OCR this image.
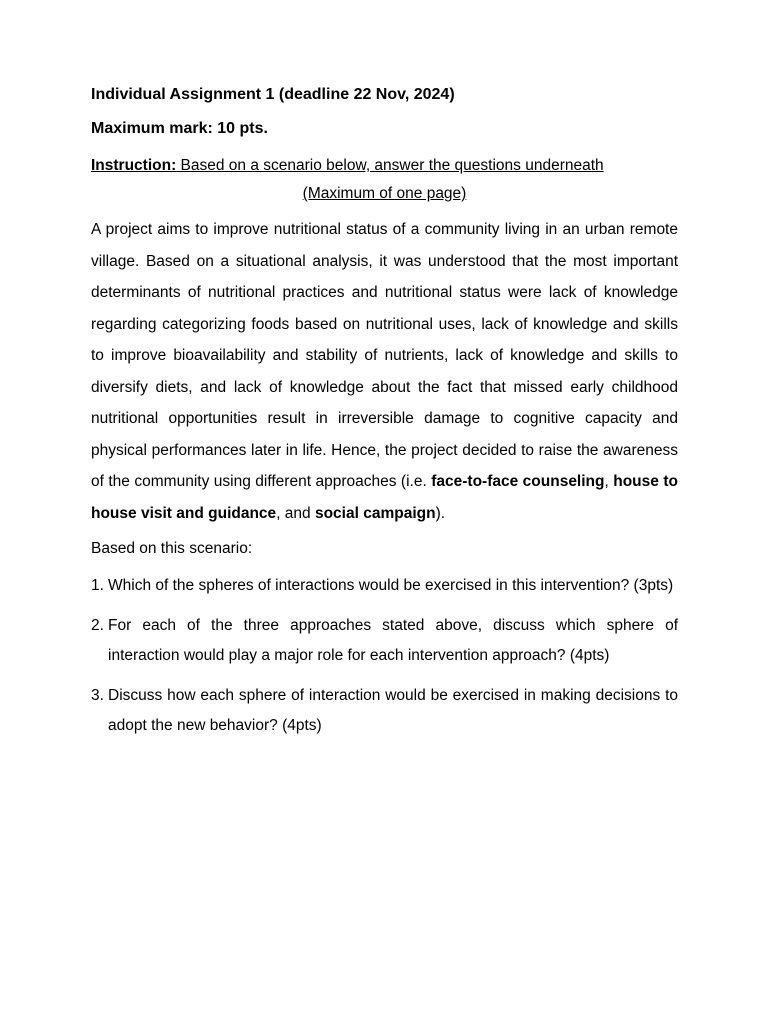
Individual Assignment 1 (deadline 22 Nov, 2024)

Maximum mark: 10 pts.

Instruction: Based on a scenario below, answer the questions underneath
(Maximum of one page)

A project aims to improve nutritional status of a community living in an urban remote village. Based on a situational analysis, it was understood that the most important determinants of nutritional practices and nutritional status were lack of knowledge regarding categorizing foods based on nutritional uses, lack of knowledge and skills to improve bioavailability and stability of nutrients, lack of knowledge and skills to diversify diets, and lack of knowledge about the fact that missed early childhood nutritional opportunities result in irreversible damage to cognitive capacity and physical performances later in life. Hence, the project decided to raise the awareness of the community using different approaches (i.e. face-to-face counseling, house to house visit and guidance, and social campaign).

Based on this scenario:

1. Which of the spheres of interactions would be exercised in this intervention? (3pts)
2. For each of the three approaches stated above, discuss which sphere of interaction would play a major role for each intervention approach? (4pts)
3. Discuss how each sphere of interaction would be exercised in making decisions to adopt the new behavior? (4pts)
